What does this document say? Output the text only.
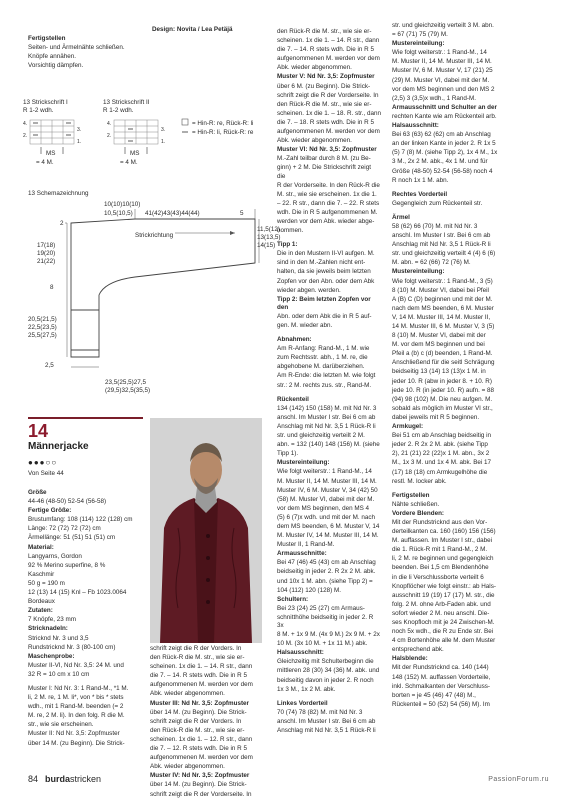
Fertigstellen

Seiten- und Ärmelnähte schließen.

Knöpfe annähen.

Vorsichtig dämpfen.

Design: Novita / Lea Petäjä
13 Strickschrift I
R 1-2 wdh.
13 Strickschrift II
R 1-2 wdh.
4.
2.
3.
1.
4.
2.
3.
1.
MS
= 4 M.
MS
= 4 M.
= Hin-R: re, Rück-R: li
= Hin-R: li, Rück-R: re
13 Schemazeichnung
10(10)10(10)
10,5(10,5) 41(42)43(43)44(44)	5
Strickrichtung
2
17(18)
19(20)
21(22)
8
20,5(21,5)
22,5(23,5)
25,5(27,5)
2,5
11,5(12)
13(13,5)
14(15)
23,5(25,5)27,5
(29,5)32,5(35,5)
14
Männerjacke
●●●○○
Von Seite 44

Größe

44-46 (48-50) 52-54 (56-58)

Fertige Größe:

Brustumfang: 108 (114) 122 (128) cm

Länge: 72 (72) 72 (72) cm

Ärmellänge: 51 (51) 51 (51) cm

Material:

Langyarns, Gordon

92 % Merino superfine, 8 %

Kaschmir

50 g = 190 m

12 (13) 14 (15) Knl – Fb 1023.0064

Bordeaux

Zutaten:

7 Knöpfe, 23 mm

Stricknadeln:

Stricknd Nr. 3 und 3,5

Rundstricknd Nr. 3 (80-100 cm)

Maschenprobe:

Muster II-VI, Nd Nr. 3,5: 24 M. und

32 R = 10 cm x 10 cm

Muster I: Nd Nr. 3: 1 Rand-M., *1 M.

li, 2 M. re, 1 M. li*, von * bis * stets

wdh., mit 1 Rand-M. beenden (= 2

M. re, 2 M. li). In den folg. R die M.

str., wie sie erscheinen.

Muster II: Nd Nr. 3,5: Zopfmuster

über 14 M. (zu Beginn). Die Strick-

schrift zeigt die R der Vorders. In

den Rück-R die M. str., wie sie er-

scheinen. 1x die 1. – 14. R str., dann

die 7. – 14. R stets wdh. Die in R 5

aufgenommenen M. werden vor dem

Abk. wieder abgenommen.

Muster III: Nd Nr. 3,5: Zopfmuster

über 14 M. (zu Beginn). Die Strick-

schrift zeigt die R der Vorders. In

den Rück-R die M. str., wie sie er-

scheinen. 1x die 1. – 12. R str., dann

die 7. – 12. R stets wdh. Die in R 5

aufgenommenen M. werden vor dem

Abk. wieder abgenommen.

Muster IV: Nd Nr. 3,5: Zopfmuster

über 14 M. (zu Beginn). Die Strick-

schrift zeigt die R der Vorderseite. In

den Rück-R die M. str., wie sie er-

scheinen. 1x die 1. – 14. R str., dann

die 7. – 14. R stets wdh. Die in R 5

aufgenommenen M. werden vor dem

Abk. wieder abgenommen.

Muster V: Nd Nr. 3,5: Zopfmuster

über 6 M. (zu Beginn). Die Strick-

schrift zeigt die R der Vorderseite. In

den Rück-R die M. str., wie sie er-

scheinen. 1x die 1. – 18. R. str., dann

die 7. – 18. R stets wdh. Die in R 5

aufgenommenen M. werden vor dem

Abk. wieder abgenommen.

Muster VI: Nd Nr. 3,5: Zopfmuster

M.-Zahl teilbar durch 8 M. (zu Be-

ginn) + 2 M. Die Strickschrift zeigt die

R der Vorderseite. In den Rück-R die

M. str., wie sie erscheinen. 1x die 1.

– 22. R str., dann die 7. – 22. R stets

wdh. Die in R 5 aufgenommenen M.

werden vor dem Abk. wieder abge-

nommen.

Tipp 1:

Die in den Mustern II-VI aufgen. M.

sind in den M.-Zahlen nicht ent-

halten, da sie jeweils beim letzten

Zopfen vor den Abn. oder dem Abk

wieder abgen. werden.

Tipp 2: Beim letzten Zopfen vor den

Abn. oder dem Abk die in R 5 auf-

gen. M. wieder abn.

Abnahmen:

Am R-Anfang: Rand-M., 1 M. wie

zum Rechtsstr. abh., 1 M. re, die

abgehobene M. darüberziehen.

Am R-Ende: die letzten M. wie folgt

str.: 2 M. rechts zus. str., Rand-M.

Rückenteil

134 (142) 150 (158) M. mit Nd Nr. 3

anschl. Im Muster I str. Bei 6 cm ab

Anschlag mit Nd Nr. 3,5 1 Rück-R li

str. und gleichzeitig verteilt 2 M.

abn. = 132 (140) 148 (156) M. (siehe

Tipp 1).

Mustereinteilung:

Wie folgt weiterstr.: 1 Rand-M., 14

M. Muster II, 14 M. Muster III, 14 M.

Muster IV, 6 M. Muster V, 34 (42) 50

(58) M. Muster VI, dabei mit der M.

vor dem MS beginnen, den MS 4

(5) 6 (7)x wdh. und mit der M. nach

dem MS beenden, 6 M. Muster V, 14

M. Muster IV, 14 M. Muster III, 14 M.

Muster II, 1 Rand-M.

Armausschnitte:

Bei 47 (46) 45 (43) cm ab Anschlag

beidseitig in jeder 2. R 2x 2 M. abk.

und 10x 1 M. abn. (siehe Tipp 2) =

104 (112) 120 (128) M.

Schultern:

Bei 23 (24) 25 (27) cm Armaus-

schnitthöhe beidseitig in jeder 2. R 3x

8 M. + 1x 9 M. (4x 9 M.) 2x 9 M. + 2x

10 M. (3x 10 M. + 1x 11 M.) abk.

Halsausschnitt:

Gleichzeitig mit Schulterbeginn die

mittleren 28 (30) 34 (36) M. abk. und

beidseitig davon in jeder 2. R noch

1x 3 M., 1x 2 M. abk.

Linkes Vorderteil

70 (74) 78 (82) M. mit Nd Nr. 3

anschl. Im Muster I str. Bei 6 cm ab

Anschlag mit Nd Nr. 3,5 1 Rück-R li

str. und gleichzeitig verteilt 3 M. abn.

= 67 (71) 75 (79) M.

Mustereinteilung:

Wie folgt weiterstr.: 1 Rand-M., 14

M. Muster II, 14 M. Muster III, 14 M.

Muster IV, 6 M. Muster V, 17 (21) 25

(29) M. Muster VI, dabei mit der M.

vor dem MS beginnen und den MS 2

(2,5) 3 (3,5)x wdh., 1 Rand-M.

Armausschnitt und Schulter an der

rechten Kante wie am Rückenteil arb.

Halsausschnitt:

Bei 63 (63) 62 (62) cm ab Anschlag

an der linken Kante in jeder 2. R 1x 5

(5) 7 (8) M. (siehe Tipp 2), 1x 4 M., 1x

3 M., 2x 2 M. abk., 4x 1 M. und für

Größe (48-50) 52-54 (56-58) noch 4

R noch 1x 1 M. abn.

Rechtes Vorderteil

Gegengleich zum Rückenteil str.

Ärmel

58 (62) 66 (70) M. mit Nd Nr. 3

anschl. Im Muster I str. Bei 6 cm ab

Anschlag mit Nd Nr. 3,5 1 Rück-R li

str. und gleichzeitig verteilt 4 (4) 6 (6)

M. abn. = 62 (66) 72 (76) M.

Mustereinteilung:

Wie folgt weiterstr.: 1 Rand-M., 3 (5)

8 (10) M. Muster VI, dabei bei Pfeil

A (B) C (D) beginnen und mit der M.

nach dem MS beenden, 6 M. Muster

V, 14 M. Muster III, 14 M. Muster II,

14 M. Muster III, 6 M. Muster V, 3 (5)

8 (10) M. Muster VI, dabei mit der

M. vor dem MS beginnen und bei

Pfeil a (b) c (d) beenden, 1 Rand-M.

Anschließend für die seitl Schrägung

beidseitig 13 (14) 13 (13)x 1 M. in

jeder 10. R (abw in jeder 8. + 10. R)

jede 10. R (in jeder 10. R) aufn. = 88

(94) 98 (102) M. Die neu aufgen. M.

sobald als möglich im Muster VI str.,

dabei jeweils mit R 5 beginnen.

Armkugel:

Bei 51 cm ab Anschlag beidseitig in

jeder 2. R 2x 2 M. abk. (siehe Tipp

2), 21 (21) 22 (22)x 1 M. abn., 3x 2

M., 1x 3 M. und 1x 4 M. abk. Bei 17

(17) 18 (18) cm Armkugelhöhe die

restl. M. locker abk.

Fertigstellen

Nähte schließen.

Vordere Blenden:

Mit der Rundstricknd aus den Vor-

derteilkanten ca. 160 (160) 156 (156)

M. auffassen. Im Muster I str., dabei

die 1. Rück-R mit 1 Rand-M., 2 M.

li, 2 M. re beginnen und gegengleich

beenden. Bei 1,5 cm Blendenhöhe

in die li Verschlussborte verteilt 6

Knopflöcher wie folgt einstr.: ab Hals-

ausschnitt 19 (19) 17 (17) M. str., die

folg. 2 M. ohne Arb-Faden abk. und

sofort wieder 2 M. neu anschl. Die-

ses Knopfloch mit je 24 Zwischen-M.

noch 5x wdh., die R zu Ende str. Bei

4 cm Bortenhöhe alle M. dem Muster

entsprechend abk.

Halsblende:

Mit der Rundstricknd ca. 140 (144)

148 (152) M. auffassen Vorderteile,

inkl. Schmalkanten der Verschluss-

borten = je 45 (46) 47 (48) M.,

Rückenteil = 50 (52) 54 (56) M). Im

84 burdastricken	PassionForum.ru
